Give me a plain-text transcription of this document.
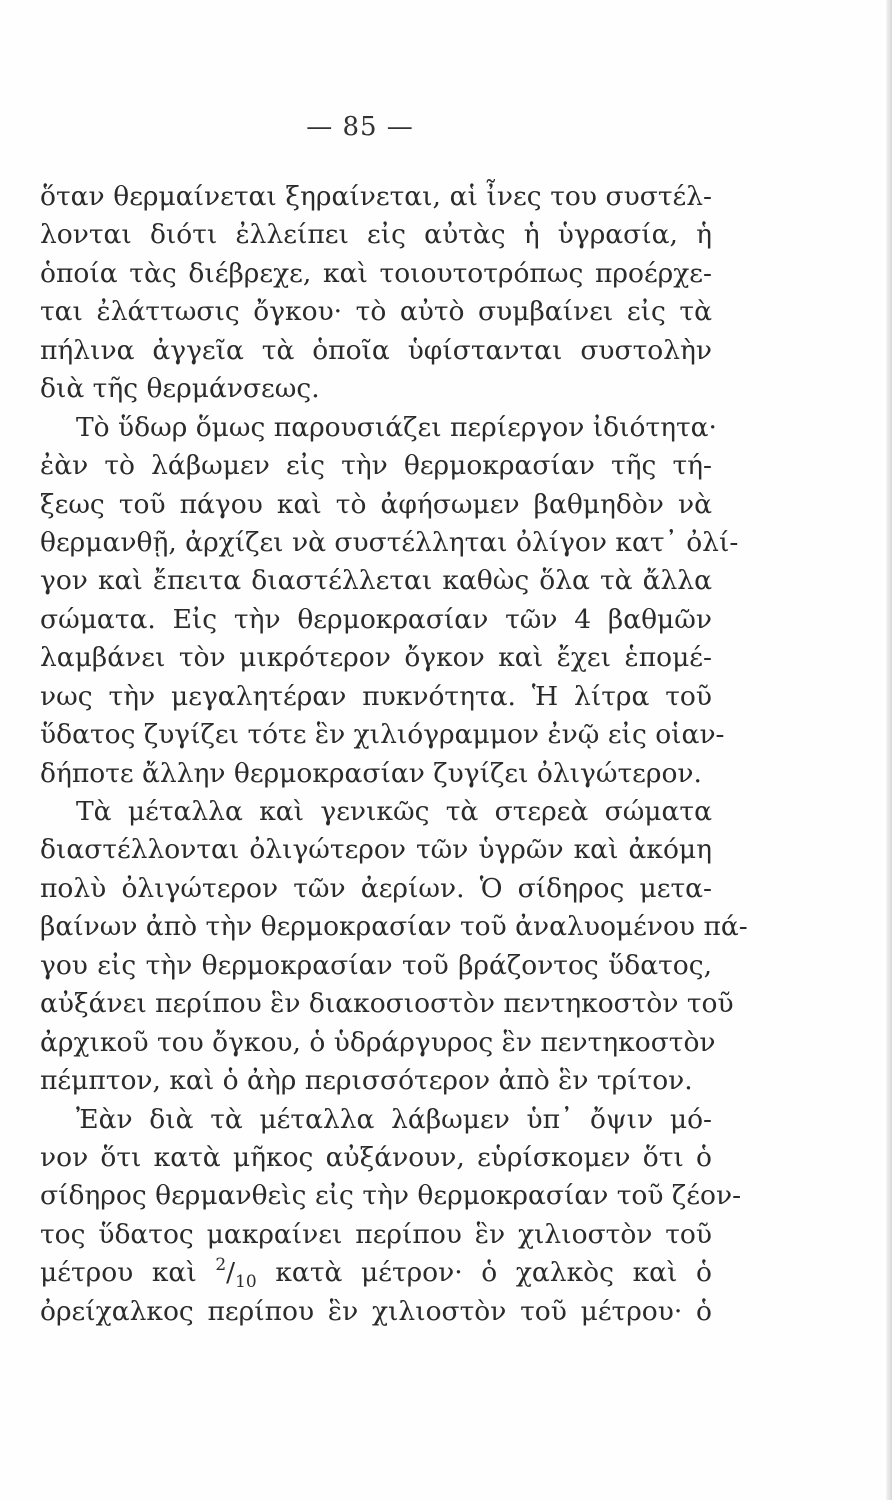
— 85 —
ὅταν θερμαίνεται ξηραίνεται, αἱ ἶνες του συστέλ-
λονται διότι ἐλλείπει εἰς αὐτὰς ἡ ὑγρασία, ἡ
ὁποία τὰς διέβρεχε, καὶ τοιουτοτρόπως προέρχε-
ται ἐλάττωσις ὄγκου· τὸ αὐτὸ συμβαίνει εἰς τὰ
πήλινα ἀγγεῖα τὰ ὁποῖα ὑφίστανται συστολὴν
διὰ τῆς θερμάνσεως.
Τὸ ὕδωρ ὅμως παρουσιάζει περίεργον ἰδιότητα·
ἐὰν τὸ λάβωμεν εἰς τὴν θερμοκρασίαν τῆς τή-
ξεως τοῦ πάγου καὶ τὸ ἀφήσωμεν βαθμηδὸν νὰ
θερμανθῇ, ἀρχίζει νὰ συστέλληται ὀλίγον κατ᾽ ὀλί-
γον καὶ ἔπειτα διαστέλλεται καθὼς ὅλα τὰ ἄλλα
σώματα. Εἰς τὴν θερμοκρασίαν τῶν 4 βαθμῶν
λαμβάνει τὸν μικρότερον ὄγκον καὶ ἔχει ἑπομέ-
νως τὴν μεγαλητέραν πυκνότητα. Ἡ λίτρα τοῦ
ὕδατος ζυγίζει τότε ἓν χιλιόγραμμον ἐνῷ εἰς οἱαν-
δήποτε ἄλλην θερμοκρασίαν ζυγίζει ὀλιγώτερον.
Τὰ μέταλλα καὶ γενικῶς τὰ στερεὰ σώματα
διαστέλλονται ὀλιγώτερον τῶν ὑγρῶν καὶ ἀκόμη
πολὺ ὀλιγώτερον τῶν ἀερίων. Ὁ σίδηρος μετα-
βαίνων ἀπὸ τὴν θερμοκρασίαν τοῦ ἀναλυομένου πά-
γου εἰς τὴν θερμοκρασίαν τοῦ βράζοντος ὕδατος,
αὐξάνει περίπου ἓν διακοσιοστὸν πεντηκοστὸν τοῦ
ἀρχικοῦ του ὄγκου, ὁ ὑδράργυρος ἓν πεντηκοστὸν
πέμπτον, καὶ ὁ ἀὴρ περισσότερον ἀπὸ ἓν τρίτον.
Ἐὰν διὰ τὰ μέταλλα λάβωμεν ὑπ᾽ ὄψιν μό-
νον ὅτι κατὰ μῆκος αὐξάνουν, εὑρίσκομεν ὅτι ὁ
σίδηρος θερμανθεὶς εἰς τὴν θερμοκρασίαν τοῦ ζέον-
τος ὕδατος μακραίνει περίπου ἓν χιλιοστὸν τοῦ
μέτρου καὶ $^2/_{10}$ κατὰ μέτρον· ὁ χαλκὸς καὶ ὁ
ὀρείχαλκος περίπου ἓν χιλιοστὸν τοῦ μέτρου· ὁ
